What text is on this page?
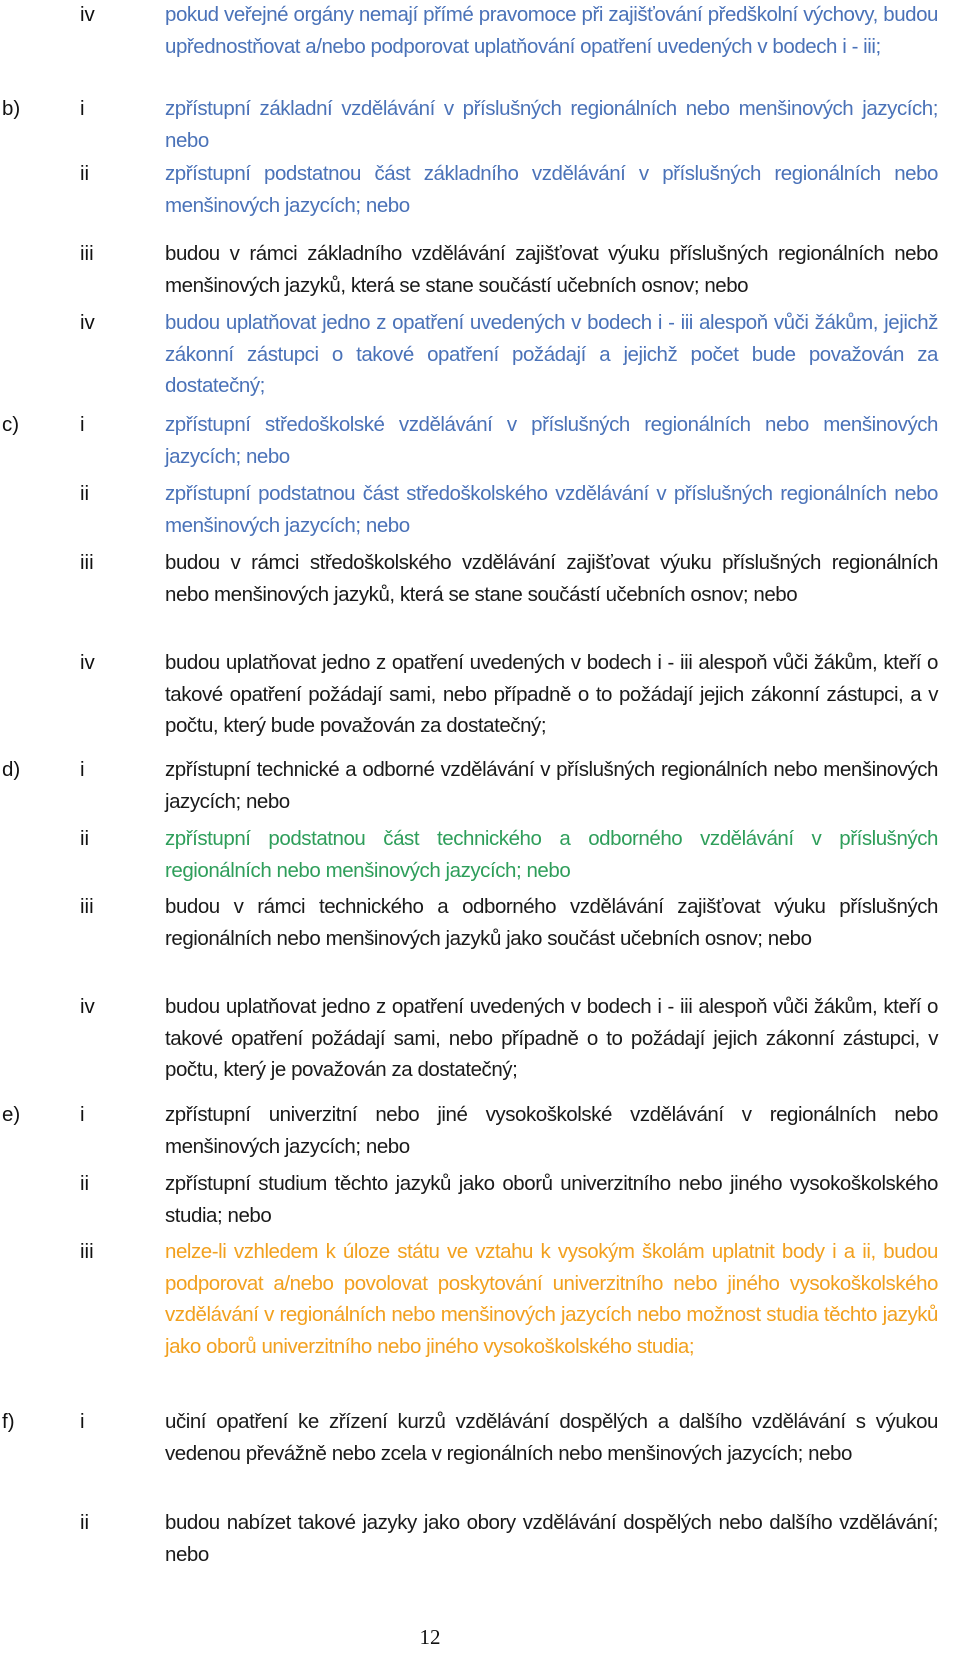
iv	pokud veřejné orgány nemají přímé pravomoce při zajišťování předškolní výchovy, budou upřednostňovat a/nebo podporovat uplatňování opatření uvedených v bodech i - iii;
b)	i	zpřístupní základní vzdělávání v příslušných regionálních nebo menšinových jazycích; nebo
ii	zpřístupní podstatnou část základního vzdělávání v příslušných regionálních nebo menšinových jazycích; nebo
iii	budou v rámci základního vzdělávání zajišťovat výuku příslušných regionálních nebo menšinových jazyků, která se stane součástí učebních osnov; nebo
iv	budou uplatňovat jedno z opatření uvedených v bodech i - iii alespoň vůči žákům, jejichž zákonní zástupci o takové opatření požádají a jejichž počet bude považován za dostatečný;
c)	i	zpřístupní středoškolské vzdělávání v příslušných regionálních nebo menšinových jazycích; nebo
ii	zpřístupní podstatnou část středoškolského vzdělávání v příslušných regionálních nebo menšinových jazycích; nebo
iii	budou v rámci středoškolského vzdělávání zajišťovat výuku příslušných regionálních nebo menšinových jazyků, která se stane součástí učebních osnov; nebo
iv	budou uplatňovat jedno z opatření uvedených v bodech i - iii alespoň vůči žákům, kteří o takové opatření požádají sami, nebo případně o to požádají jejich zákonní zástupci, a v počtu, který bude považován za dostatečný;
d)	i	zpřístupní technické a odborné vzdělávání v příslušných regionálních nebo menšinových jazycích; nebo
ii	zpřístupní podstatnou část technického a odborného vzdělávání v příslušných regionálních nebo menšinových jazycích; nebo
iii	budou v rámci technického a odborného vzdělávání zajišťovat výuku příslušných regionálních nebo menšinových jazyků jako součást učebních osnov; nebo
iv	budou uplatňovat jedno z opatření uvedených v bodech i - iii alespoň vůči žákům, kteří o takové opatření požádají sami, nebo případně o to požádají jejich zákonní zástupci, v počtu, který je považován za dostatečný;
e)	i	zpřístupní univerzitní nebo jiné vysokoškolské vzdělávání v regionálních nebo menšinových jazycích; nebo
ii	zpřístupní studium těchto jazyků jako oborů univerzitního nebo jiného vysokoškolského studia; nebo
iii	nelze-li vzhledem k úloze státu ve vztahu k vysokým školám uplatnit body i a ii, budou podporovat a/nebo povolovat poskytování univerzitního nebo jiného vysokoškolského vzdělávání v regionálních nebo menšinových jazycích nebo možnost studia těchto jazyků jako oborů univerzitního nebo jiného vysokoškolského studia;
f)	i	učiní opatření ke zřízení kurzů vzdělávání dospělých a dalšího vzdělávání s výukou vedenou převážně nebo zcela v regionálních nebo menšinových jazycích; nebo
ii	budou nabízet takové jazyky jako obory vzdělávání dospělých nebo dalšího vzdělávání; nebo
12
